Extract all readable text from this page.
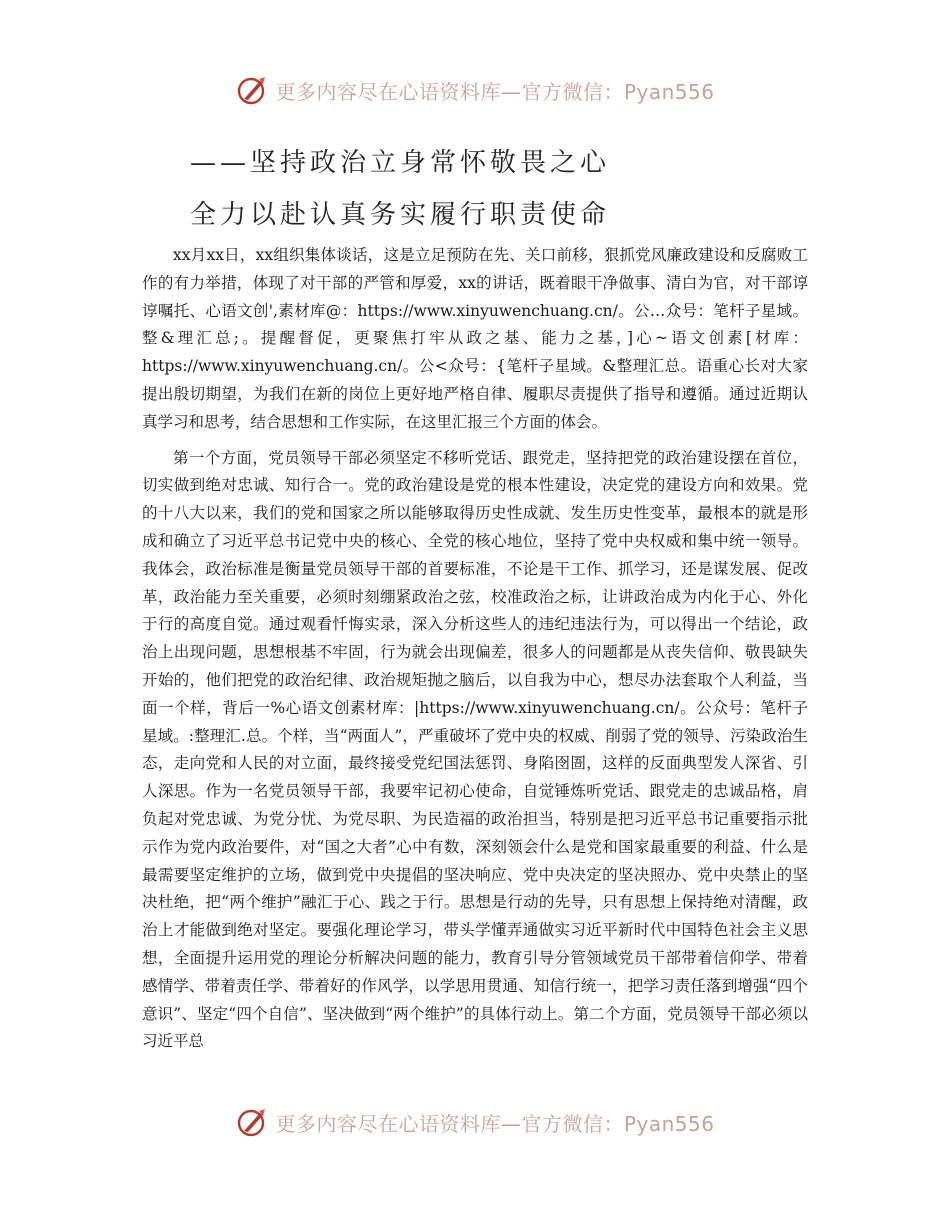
更多内容尽在心语资料库—官方微信：Pyan556
——坚持政治立身常怀敬畏之心
全力以赴认真务实履行职责使命

xx月xx日，xx组织集体谈话，这是立足预防在先、关口前移，狠抓党风廉政建设和反腐败工作的有力举措，体现了对干部的严管和厚爱，xx的讲话，既着眼干净做事、清白为官，对干部谆谆嘱托、心语文创',素材库@：https://www.xinyuwenchuang.cn/。公…众号：笔杆子星域。整&理汇总;。提醒督促，更聚焦打牢从政之基、能力之基，]心~语文创素[材库：https://www.xinyuwenchuang.cn/。公<众号：{笔杆子星域。&整理汇总。语重心长对大家提出殷切期望，为我们在新的岗位上更好地严格自律、履职尽责提供了指导和遵循。通过近期认真学习和思考，结合思想和工作实际，在这里汇报三个方面的体会。

第一个方面，党员领导干部必须坚定不移听党话、跟党走，坚持把党的政治建设摆在首位，切实做到绝对忠诚、知行合一。党的政治建设是党的根本性建设，决定党的建设方向和效果。党的十八大以来，我们的党和国家之所以能够取得历史性成就、发生历史性变革，最根本的就是形成和确立了习近平总书记党中央的核心、全党的核心地位，坚持了党中央权威和集中统一领导。我体会，政治标准是衡量党员领导干部的首要标准，不论是干工作、抓学习，还是谋发展、促改革，政治能力至关重要，必须时刻绷紧政治之弦，校准政治之标，让讲政治成为内化于心、外化于行的高度自觉。通过观看忏悔实录，深入分析这些人的违纪违法行为，可以得出一个结论，政治上出现问题，思想根基不牢固，行为就会出现偏差，很多人的问题都是从丧失信仰、敬畏缺失开始的，他们把党的政治纪律、政治规矩抛之脑后，以自我为中心，想尽办法套取个人利益，当面一个样，背后一%心语文创素材库：|https://www.xinyuwenchuang.cn/。公众号：笔杆子星域。:整理汇.总。个样，当“两面人”，严重破坏了党中央的权威、削弱了党的领导、污染政治生态，走向党和人民的对立面，最终接受党纪国法惩罚、身陷囹圄，这样的反面典型发人深省、引人深思。作为一名党员领导干部，我要牢记初心使命，自觉锤炼听党话、跟党走的忠诚品格，肩负起对党忠诚、为党分忧、为党尽职、为民造福的政治担当，特别是把习近平总书记重要指示批示作为党内政治要件，对“国之大者”心中有数，深刻领会什么是党和国家最重要的利益、什么是最需要坚定维护的立场，做到党中央提倡的坚决响应、党中央决定的坚决照办、党中央禁止的坚决杜绝，把“两个维护”融汇于心、践之于行。思想是行动的先导，只有思想上保持绝对清醒，政治上才能做到绝对坚定。要强化理论学习，带头学懂弄通做实习近平新时代中国特色社会主义思想，全面提升运用党的理论分析解决问题的能力，教育引导分管领域党员干部带着信仰学、带着感情学、带着责任学、带着好的作风学，以学思用贯通、知信行统一，把学习责任落到增强“四个意识”、坚定“四个自信”、坚决做到“两个维护”的具体行动上。第二个方面，党员领导干部必须以习近平总

更多内容尽在心语资料库—官方微信：Pyan556
